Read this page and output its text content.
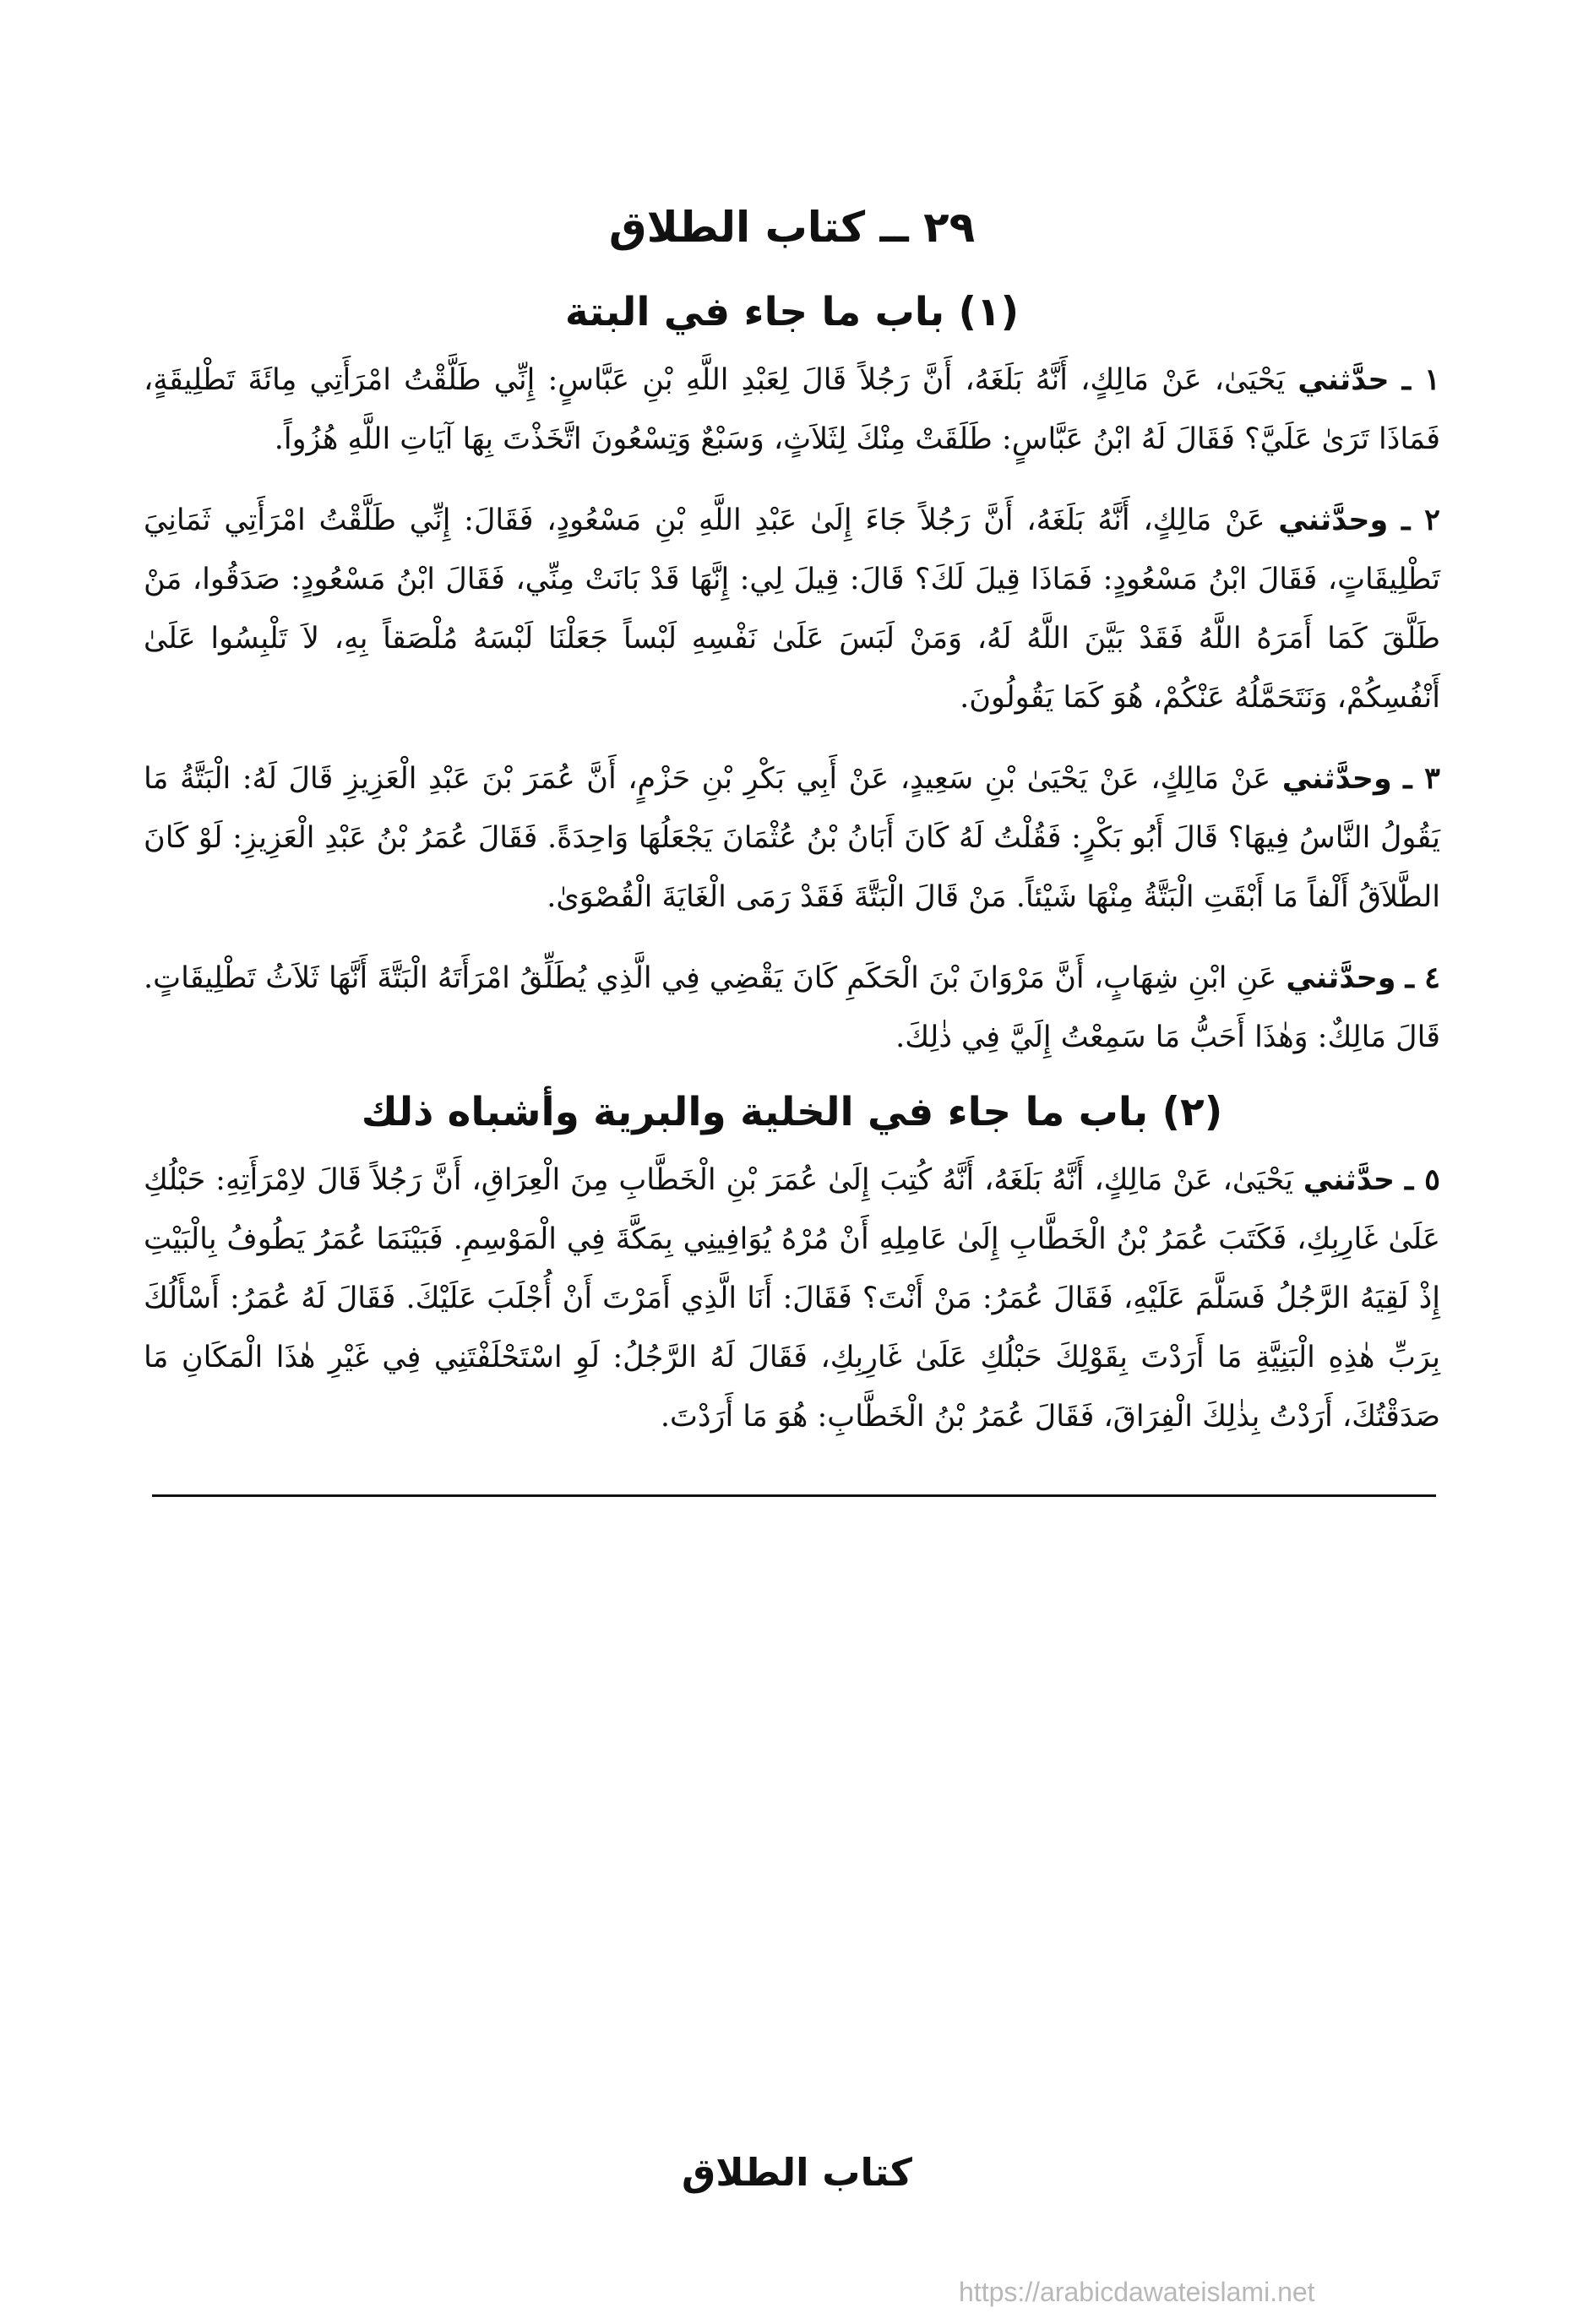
٢٩ ــ كتاب الطلاق
(١) باب ما جاء في البتة

١ ـ حدَّثني يَحْيَىٰ، عَنْ مَالِكٍ، أَنَّهُ بَلَغَهُ، أَنَّ رَجُلاً قَالَ لِعَبْدِ اللَّهِ بْنِ عَبَّاسٍ: إِنِّي طَلَّقْتُ امْرَأَتِي مِائَةَ تَطْلِيقَةٍ، فَمَاذَا تَرَىٰ عَلَيَّ؟ فَقَالَ لَهُ ابْنُ عَبَّاسٍ: طَلَقَتْ مِنْكَ لِثَلاَثٍ، وَسَبْعٌ وَتِسْعُونَ اتَّخَذْتَ بِهَا آيَاتِ اللَّهِ هُزُواً.

٢ ـ وحدَّثني عَنْ مَالِكٍ، أَنَّهُ بَلَغَهُ، أَنَّ رَجُلاً جَاءَ إِلَىٰ عَبْدِ اللَّهِ بْنِ مَسْعُودٍ، فَقَالَ: إِنِّي طَلَّقْتُ امْرَأَتِي ثَمَانِيَ تَطْلِيقَاتٍ، فَقَالَ ابْنُ مَسْعُودٍ: فَمَاذَا قِيلَ لَكَ؟ قَالَ: قِيلَ لِي: إِنَّهَا قَدْ بَانَتْ مِنِّي، فَقَالَ ابْنُ مَسْعُودٍ: صَدَقُوا، مَنْ طَلَّقَ كَمَا أَمَرَهُ اللَّهُ فَقَدْ بَيَّنَ اللَّهُ لَهُ، وَمَنْ لَبَسَ عَلَىٰ نَفْسِهِ لَبْساً جَعَلْنَا لَبْسَهُ مُلْصَقاً بِهِ، لاَ تَلْبِسُوا عَلَىٰ أَنْفُسِكُمْ، وَنَتَحَمَّلُهُ عَنْكُمْ، هُوَ كَمَا يَقُولُونَ.

٣ ـ وحدَّثني عَنْ مَالِكٍ، عَنْ يَحْيَىٰ بْنِ سَعِيدٍ، عَنْ أَبِي بَكْرِ بْنِ حَزْمٍ، أَنَّ عُمَرَ بْنَ عَبْدِ الْعَزِيزِ قَالَ لَهُ: الْبَتَّةُ مَا يَقُولُ النَّاسُ فِيهَا؟ قَالَ أَبُو بَكْرٍ: فَقُلْتُ لَهُ كَانَ أَبَانُ بْنُ عُثْمَانَ يَجْعَلُهَا وَاحِدَةً. فَقَالَ عُمَرُ بْنُ عَبْدِ الْعَزِيزِ: لَوْ كَانَ الطَّلاَقُ أَلْفاً مَا أَبْقَتِ الْبَتَّةُ مِنْهَا شَيْئاً. مَنْ قَالَ الْبَتَّةَ فَقَدْ رَمَى الْغَايَةَ الْقُصْوَىٰ.

٤ ـ وحدَّثني عَنِ ابْنِ شِهَابٍ، أَنَّ مَرْوَانَ بْنَ الْحَكَمِ كَانَ يَقْضِي فِي الَّذِي يُطَلِّقُ امْرَأَتَهُ الْبَتَّةَ أَنَّهَا ثَلاَثُ تَطْلِيقَاتٍ. قَالَ مَالِكٌ: وَهٰذَا أَحَبُّ مَا سَمِعْتُ إِلَيَّ فِي ذٰلِكَ.

(٢) باب ما جاء في الخلية والبرية وأشباه ذلك

٥ ـ حدَّثني يَحْيَىٰ، عَنْ مَالِكٍ، أَنَّهُ بَلَغَهُ، أَنَّهُ كُتِبَ إِلَىٰ عُمَرَ بْنِ الْخَطَّابِ مِنَ الْعِرَاقِ، أَنَّ رَجُلاً قَالَ لاِمْرَأَتِهِ: حَبْلُكِ عَلَىٰ غَارِبِكِ، فَكَتَبَ عُمَرُ بْنُ الْخَطَّابِ إِلَىٰ عَامِلِهِ أَنْ مُرْهُ يُوَافِينِي بِمَكَّةَ فِي الْمَوْسِمِ. فَبَيْنَمَا عُمَرُ يَطُوفُ بِالْبَيْتِ إِذْ لَقِيَهُ الرَّجُلُ فَسَلَّمَ عَلَيْهِ، فَقَالَ عُمَرُ: مَنْ أَنْتَ؟ فَقَالَ: أَنَا الَّذِي أَمَرْتَ أَنْ أُجْلَبَ عَلَيْكَ. فَقَالَ لَهُ عُمَرُ: أَسْأَلُكَ بِرَبِّ هٰذِهِ الْبَنِيَّةِ مَا أَرَدْتَ بِقَوْلِكَ حَبْلُكِ عَلَىٰ غَارِبِكِ، فَقَالَ لَهُ الرَّجُلُ: لَوِ اسْتَحْلَفْتَنِي فِي غَيْرِ هٰذَا الْمَكَانِ مَا صَدَقْتُكَ، أَرَدْتُ بِذٰلِكَ الْفِرَاقَ، فَقَالَ عُمَرُ بْنُ الْخَطَّابِ: هُوَ مَا أَرَدْتَ.

كتاب الطلاق
https://arabicdawateislami.net
